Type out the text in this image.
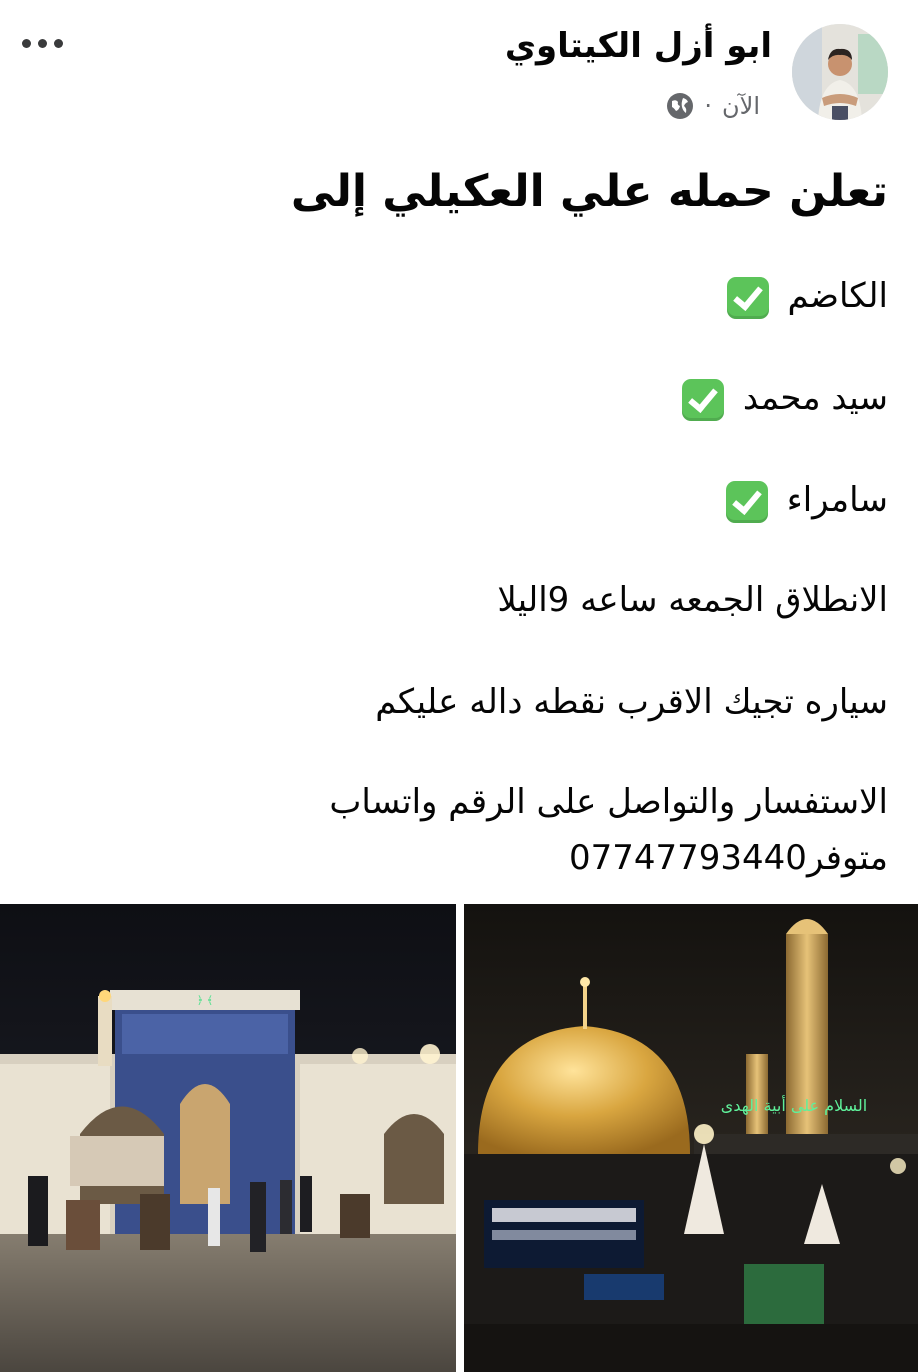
ابو أزل الكيتاوي
الآن
·
تعلن حمله علي العكيلي إلى
الكاضم
سيد محمد
سامراء
الانطلاق الجمعه ساعه 9اليلا
سياره تجيك الاقرب نقطه داله عليكم
الاستفسار والتواصل على الرقم واتساب
متوفر07747793440
﴿ ﴾
السلام على أبية الهدى
